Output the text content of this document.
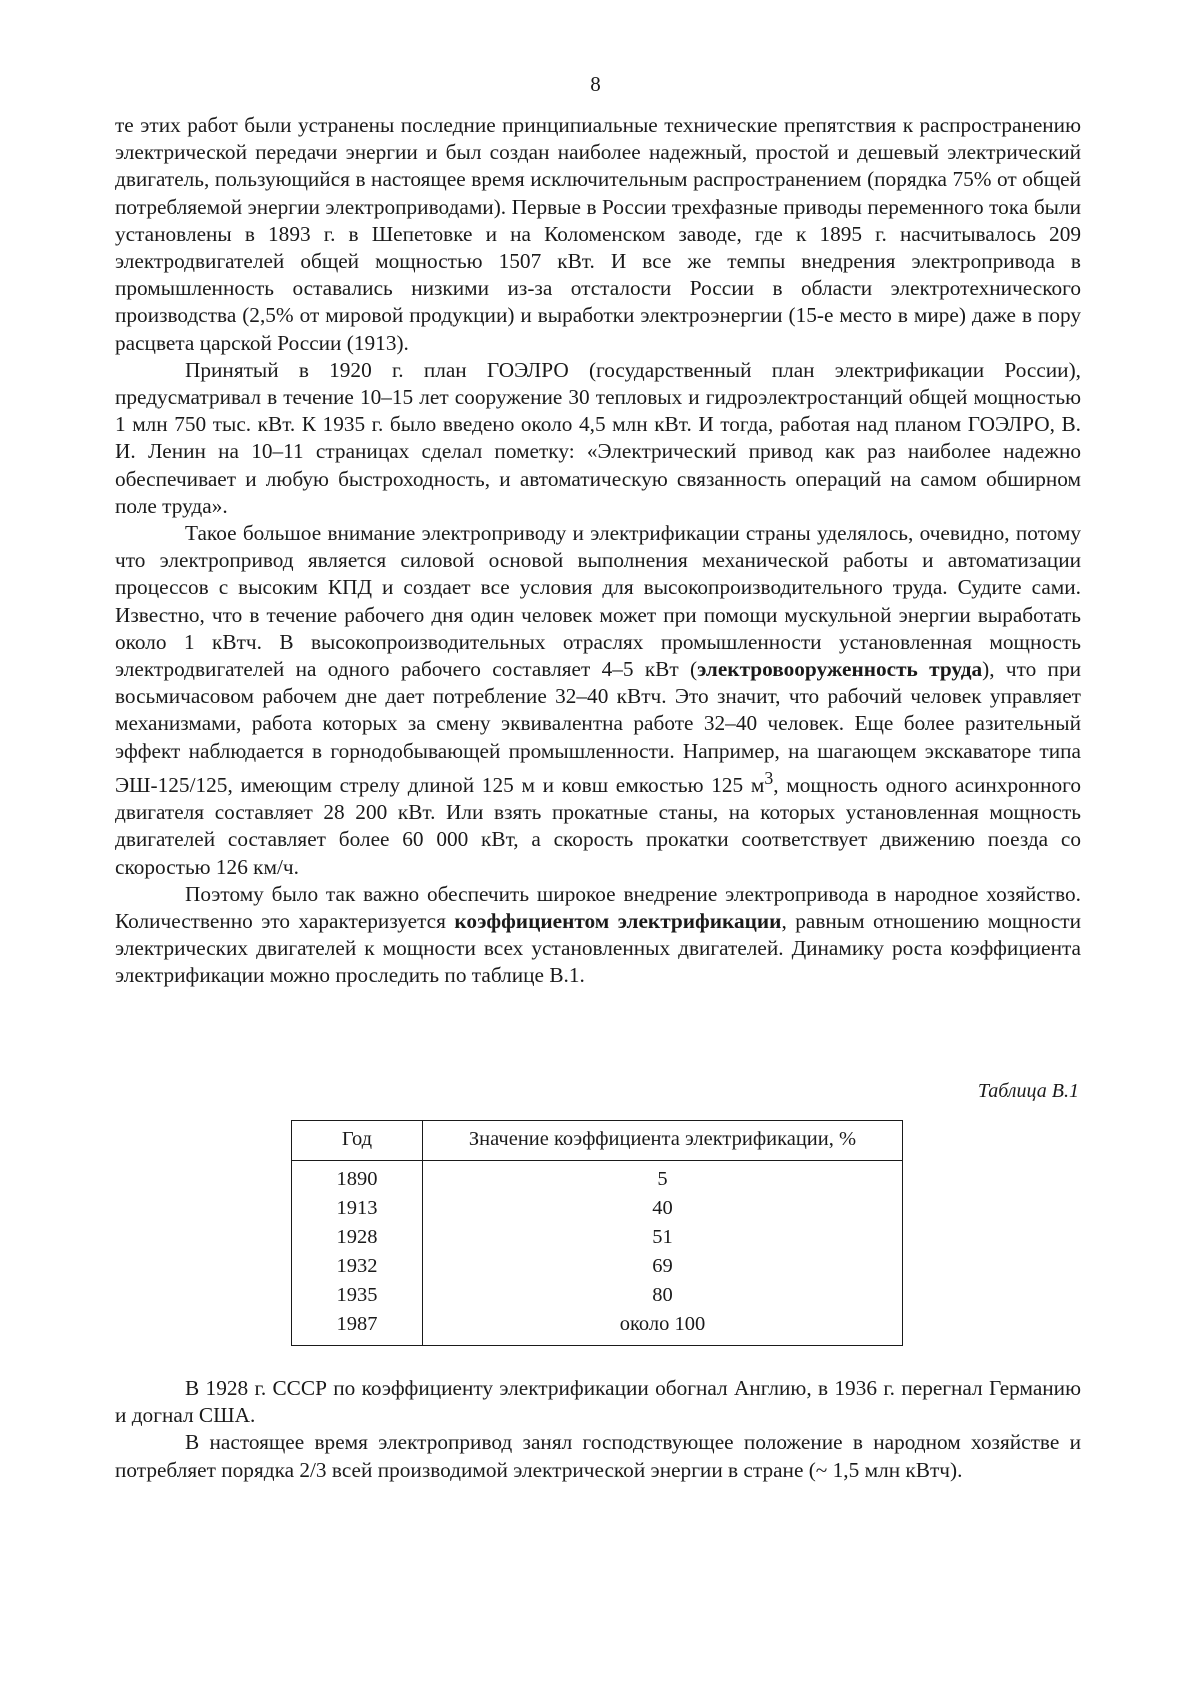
8

те этих работ были устранены последние принципиальные технические препятствия к распространению электрической передачи энергии и был создан наиболее надежный, простой и дешевый электрический двигатель, пользующийся в настоящее время исключительным распространением (порядка 75% от общей потребляемой энергии электроприводами). Первые в России трехфазные приводы переменного тока были установлены в 1893 г. в Шепетовке и на Коломенском заводе, где к 1895 г. насчитывалось 209 электродвигателей общей мощностью 1507 кВт. И все же темпы внедрения электропривода в промышленность оставались низкими из-за отсталости России в области электротехнического производства (2,5% от мировой продукции) и выработки электроэнергии (15-е место в мире) даже в пору расцвета царской России (1913).

Принятый в 1920 г. план ГОЭЛРО (государственный план электрификации России), предусматривал в течение 10–15 лет сооружение 30 тепловых и гидроэлектростанций общей мощностью 1 млн 750 тыс. кВт. К 1935 г. было введено около 4,5 млн кВт. И тогда, работая над планом ГОЭЛРО, В. И. Ленин на 10–11 страницах сделал пометку: «Электрический привод как раз наиболее надежно обеспечивает и любую быстроходность, и автоматическую связанность операций на самом обширном поле труда».

Такое большое внимание электроприводу и электрификации страны уделялось, очевидно, потому что электропривод является силовой основой выполнения механической работы и автоматизации процессов с высоким КПД и создает все условия для высокопроизводительного труда. Судите сами. Известно, что в течение рабочего дня один человек может при помощи мускульной энергии выработать около 1 кВтч. В высокопроизводительных отраслях промышленности установленная мощность электродвигателей на одного рабочего составляет 4–5 кВт (электровооруженность труда), что при восьмичасовом рабочем дне дает потребление 32–40 кВтч. Это значит, что рабочий человек управляет механизмами, работа которых за смену эквивалентна работе 32–40 человек. Еще более разительный эффект наблюдается в горнодобывающей промышленности. Например, на шагающем экскаваторе типа ЭШ-125/125, имеющим стрелу длиной 125 м и ковш емкостью 125 $м^3$, мощность одного асинхронного двигателя составляет 28 200 кВт. Или взять прокатные станы, на которых установленная мощность двигателей составляет более 60 000 кВт, а скорость прокатки соответствует движению поезда со скоростью 126 км/ч.

Поэтому было так важно обеспечить широкое внедрение электропривода в народное хозяйство. Количественно это характеризуется коэффициентом электрификации, равным отношению мощности электрических двигателей к мощности всех установленных двигателей. Динамику роста коэффициента электрификации можно проследить по таблице В.1.

Таблица В.1
Год	Значение коэффициента электрификации, %
1890	5
1913	40
1928	51
1932	69
1935	80
1987	около 100

В 1928 г. СССР по коэффициенту электрификации обогнал Англию, в 1936 г. перегнал Германию и догнал США.

В настоящее время электропривод занял господствующее положение в народном хозяйстве и потребляет порядка 2/3 всей производимой электрической энергии в стране (~ 1,5 млн кВтч).
